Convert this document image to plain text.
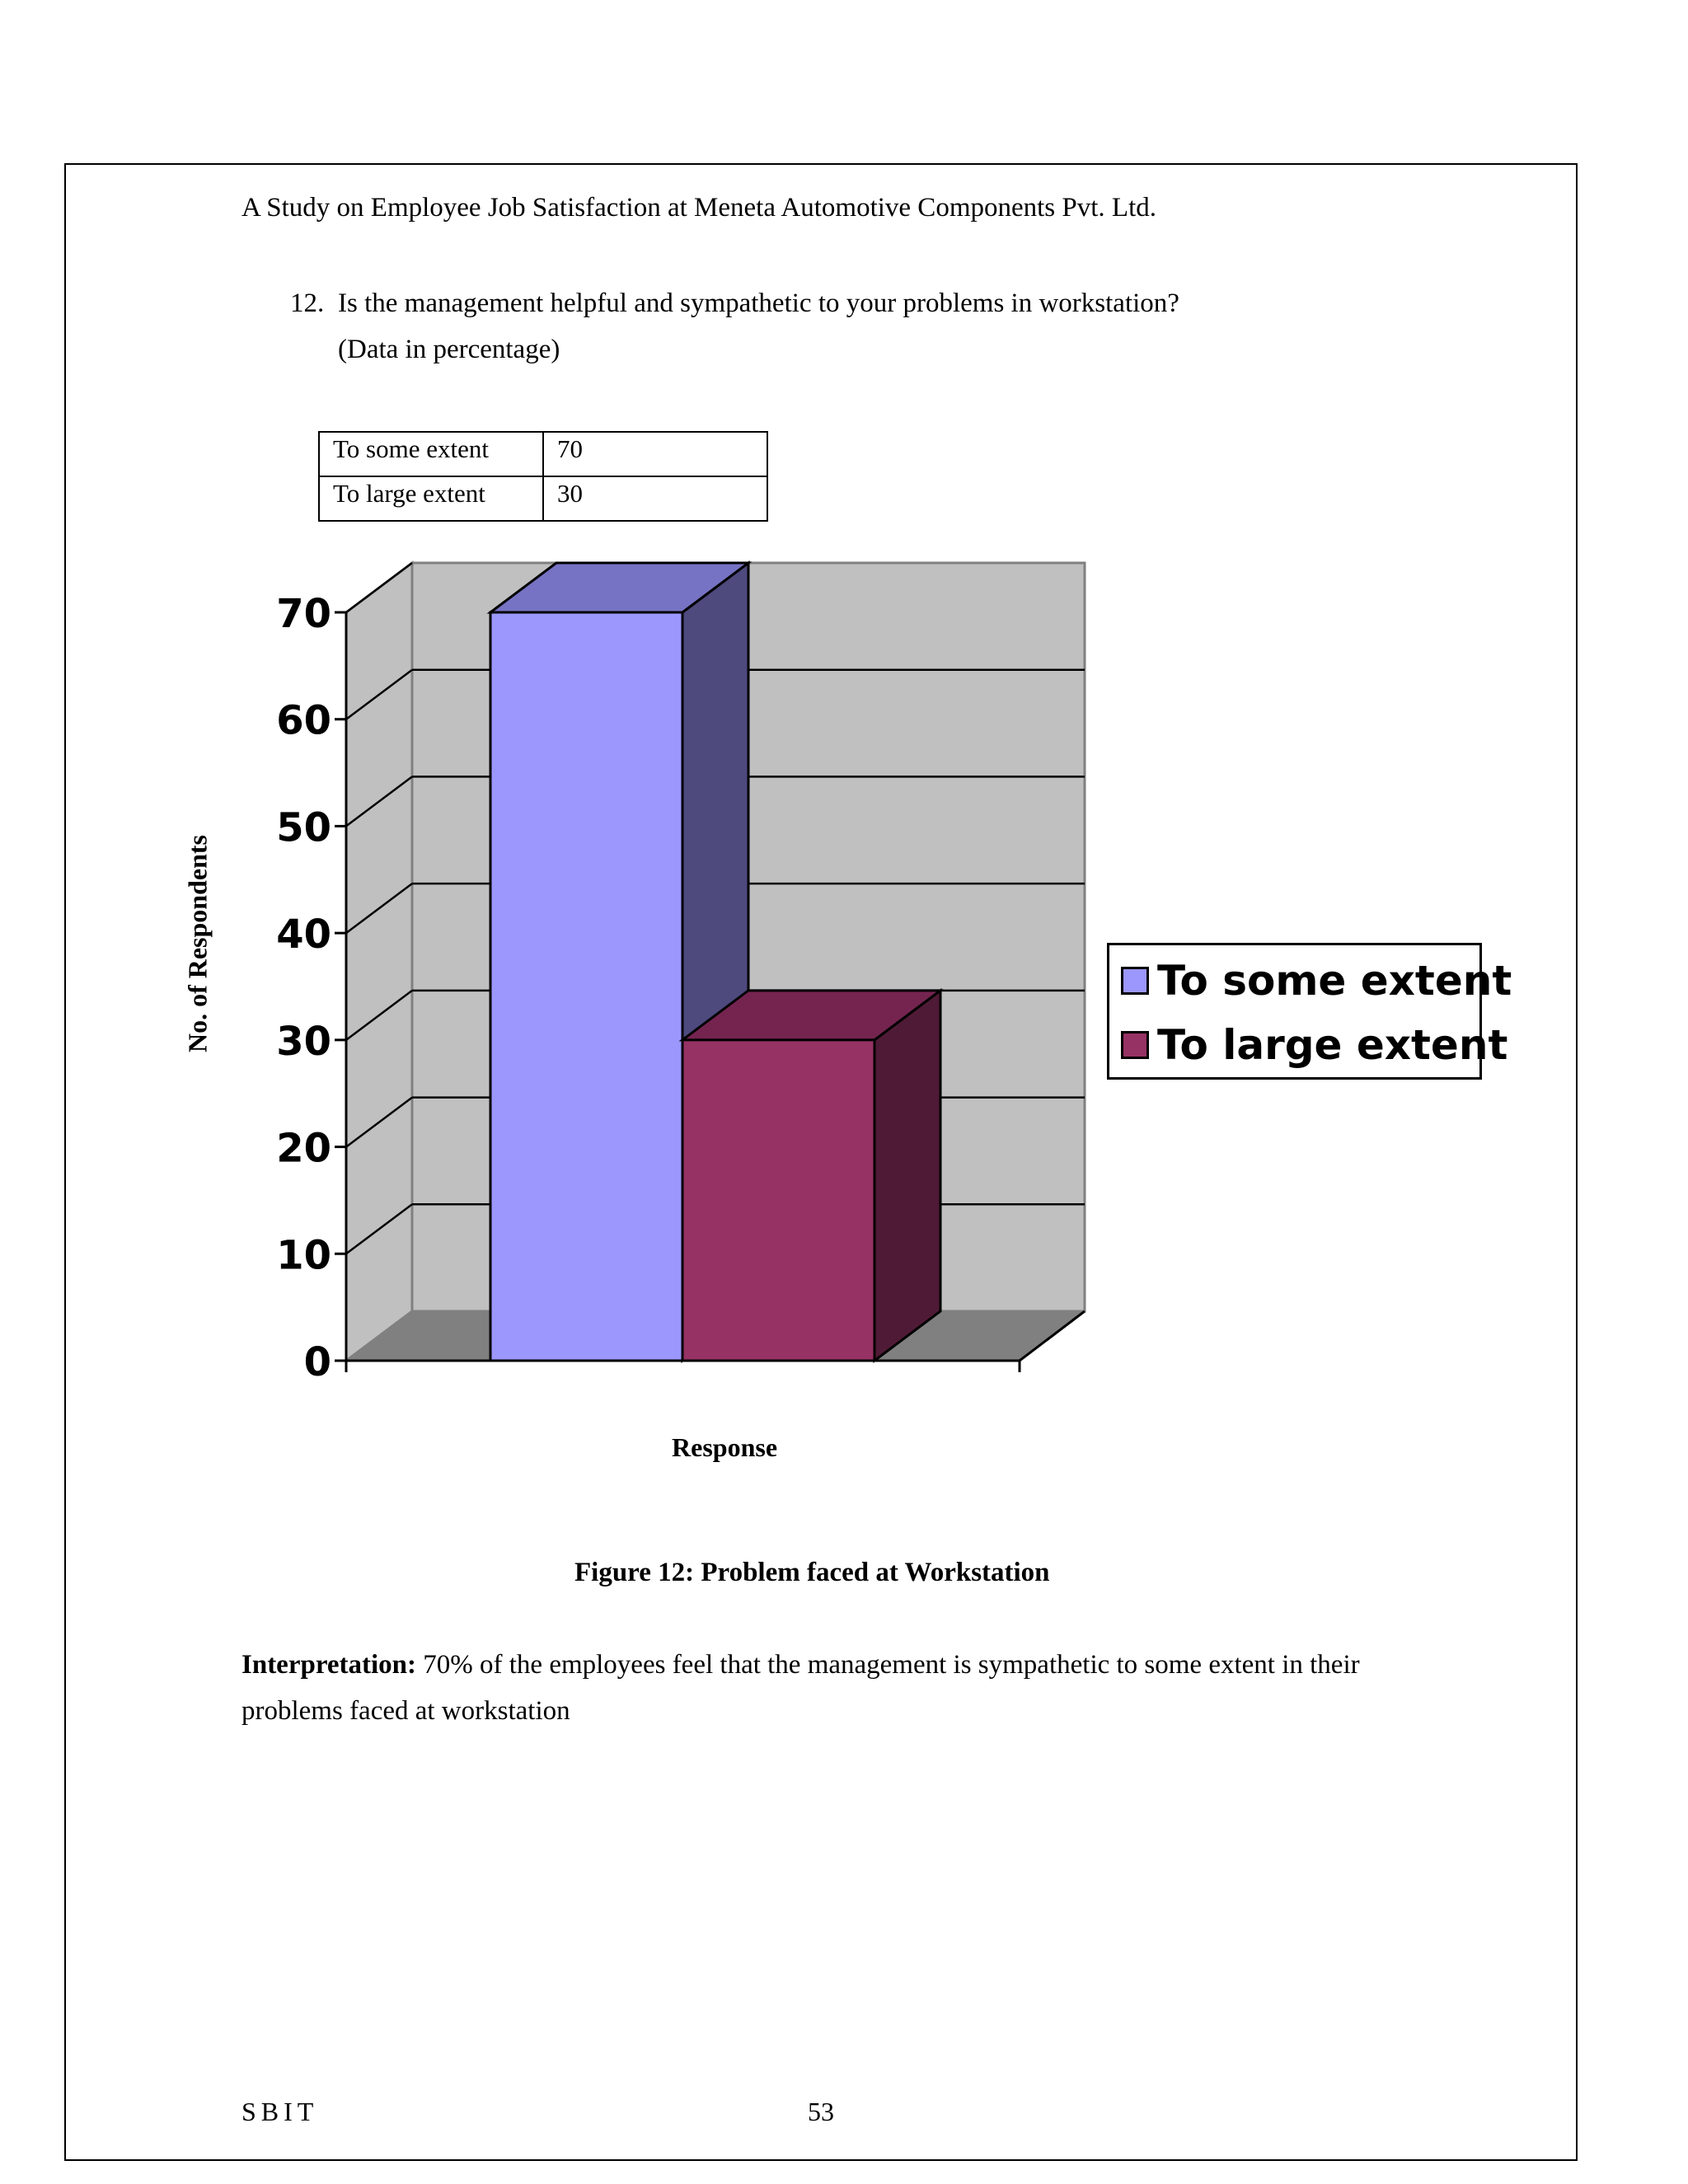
A Study on Employee Job Satisfaction at Meneta Automotive Components Pvt. Ltd.
12. Is the management helpful and sympathetic to your problems in workstation?
(Data in percentage)
To some extent	70
To large extent	30
0
10
20
30
40
50
60
70
No. of Respondents
Response
To some extent
To large extent
Figure 12: Problem faced at Workstation
Interpretation: 70% of the employees feel that the management is sympathetic to some extent in their
problems faced at workstation
SBIT	53
